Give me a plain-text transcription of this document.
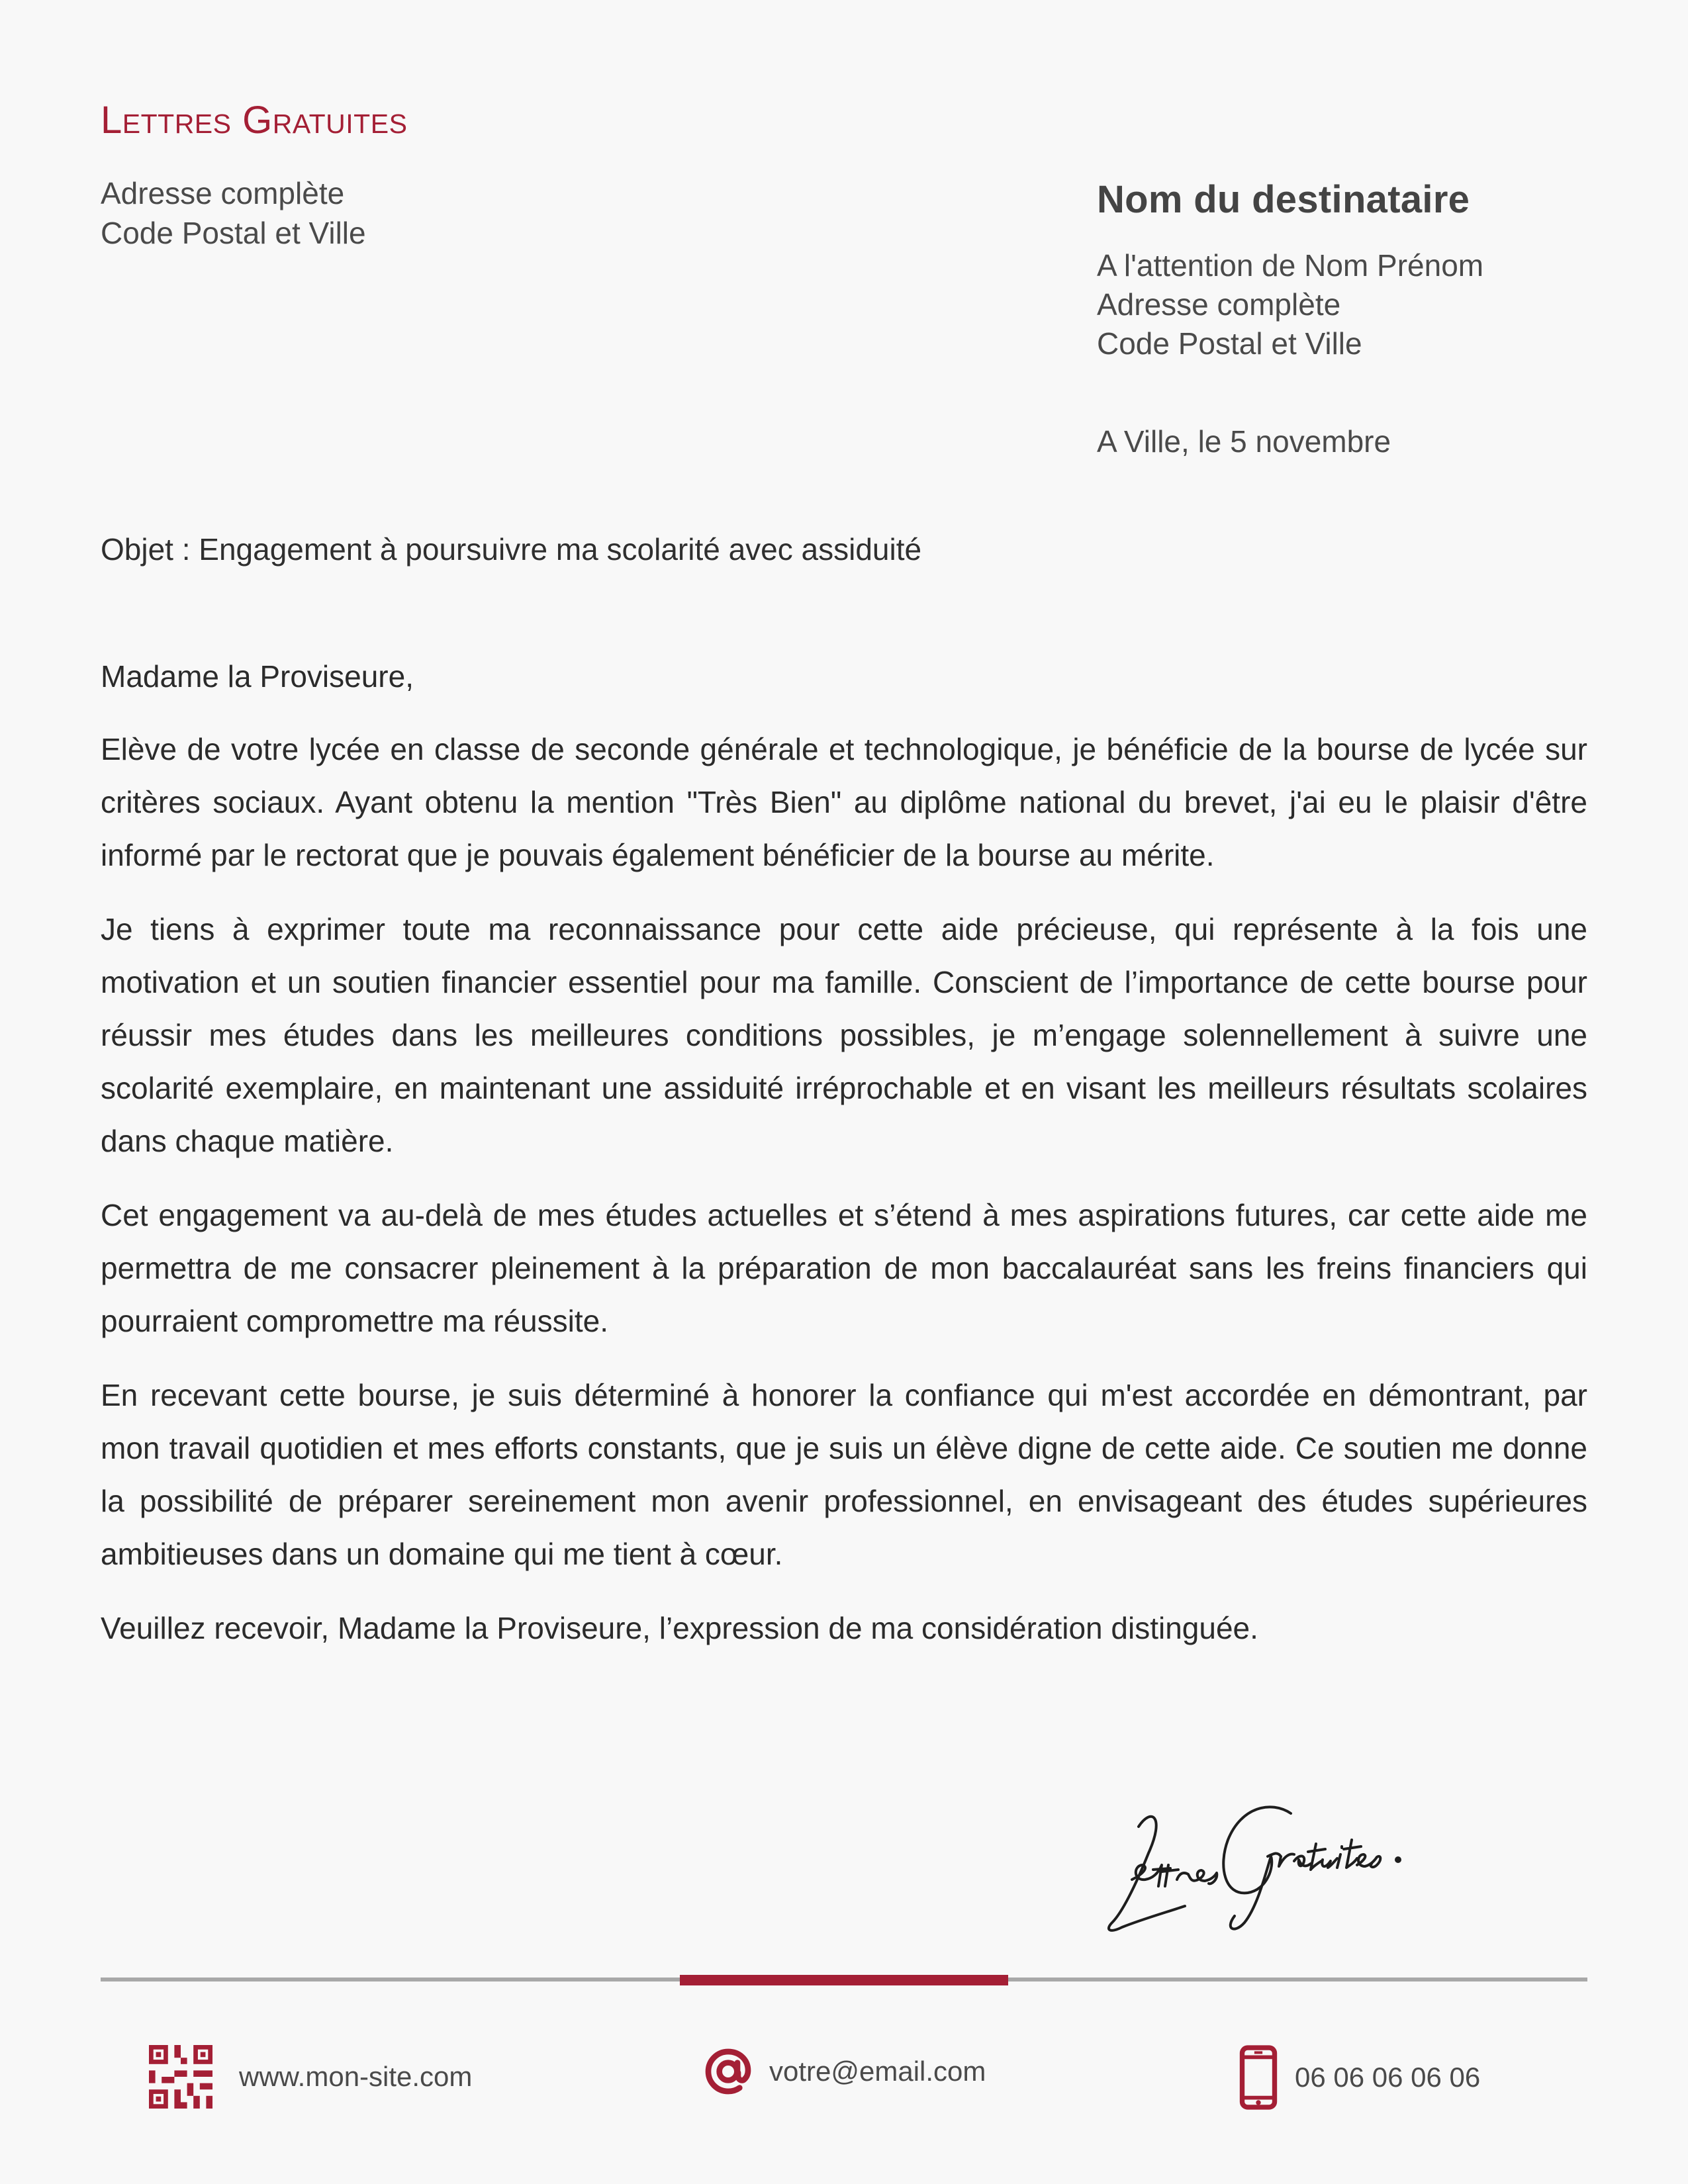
Lettres Gratuites
Adresse complète
Code Postal et Ville
Nom du destinataire
A l'attention de Nom Prénom
Adresse complète
Code Postal et Ville
A Ville, le 5 novembre
Objet : Engagement à poursuivre ma scolarité avec assiduité

Madame la Proviseure,

Elève de votre lycée en classe de seconde générale et technologique, je bénéficie de la bourse de lycée sur critères sociaux. Ayant obtenu la mention "Très Bien" au diplôme national du brevet, j'ai eu le plaisir d'être informé par le rectorat que je pouvais également bénéficier de la bourse au mérite.

Je tiens à exprimer toute ma reconnaissance pour cette aide précieuse, qui représente à la fois une motivation et un soutien financier essentiel pour ma famille. Conscient de l’importance de cette bourse pour réussir mes études dans les meilleures conditions possibles, je m’engage solennellement à suivre une scolarité exemplaire, en maintenant une assiduité irréprochable et en visant les meilleurs résultats scolaires dans chaque matière.

Cet engagement va au-delà de mes études actuelles et s’étend à mes aspirations futures, car cette aide me permettra de me consacrer pleinement à la préparation de mon baccalauréat sans les freins financiers qui pourraient compromettre ma réussite.

En recevant cette bourse, je suis déterminé à honorer la confiance qui m'est accordée en démontrant, par mon travail quotidien et mes efforts constants, que je suis un élève digne de cette aide. Ce soutien me donne la possibilité de préparer sereinement mon avenir professionnel, en envisageant des études supérieures ambitieuses dans un domaine qui me tient à cœur.

Veuillez recevoir, Madame la Proviseure, l’expression de ma considération distinguée.

www.mon-site.com	votre@email.com	06 06 06 06 06
